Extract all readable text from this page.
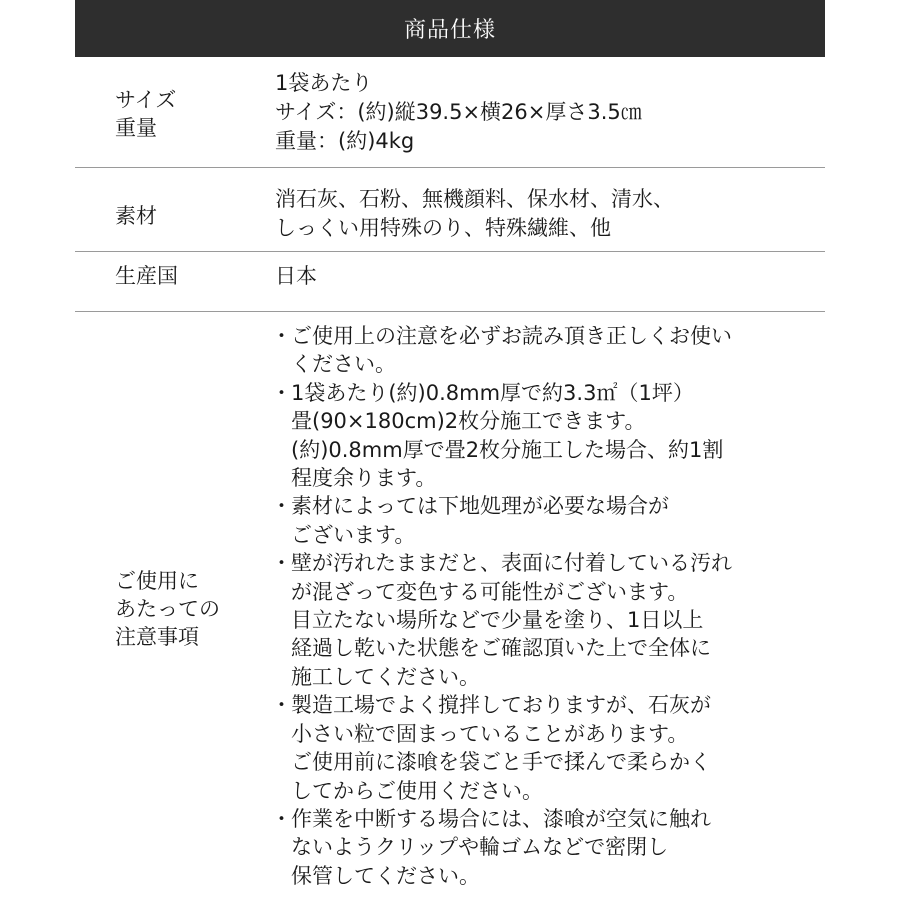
商品仕様
サイズ
重量
1袋あたり
サイズ：(約)縦39.5×横26×厚さ3.5㎝
重量：(約)4kg
素材
消石灰、石粉、無機顔料、保水材、清水、
しっくい用特殊のり、特殊繊維、他
生産国	日本
ご使用に
あたっての
注意事項
・ ご使用上の注意を必ずお読み頂き正しくお使い
ください。
・ 1袋あたり(約)0.8mm厚で約3.3㎡（1坪）
畳(90×180cm)2枚分施工できます。
(約)0.8mm厚で畳2枚分施工した場合、約1割
程度余ります。
・ 素材によっては下地処理が必要な場合が
ございます。
・ 壁が汚れたままだと、表面に付着している汚れ
が混ざって変色する可能性がございます。
目立たない場所などで少量を塗り、1日以上
経過し乾いた状態をご確認頂いた上で全体に
施工してください。
・ 製造工場でよく撹拌しておりますが、石灰が
小さい粒で固まっていることがあります。
ご使用前に漆喰を袋ごと手で揉んで柔らかく
してからご使用ください。
・ 作業を中断する場合には、漆喰が空気に触れ
ないようクリップや輪ゴムなどで密閉し
保管してください。
